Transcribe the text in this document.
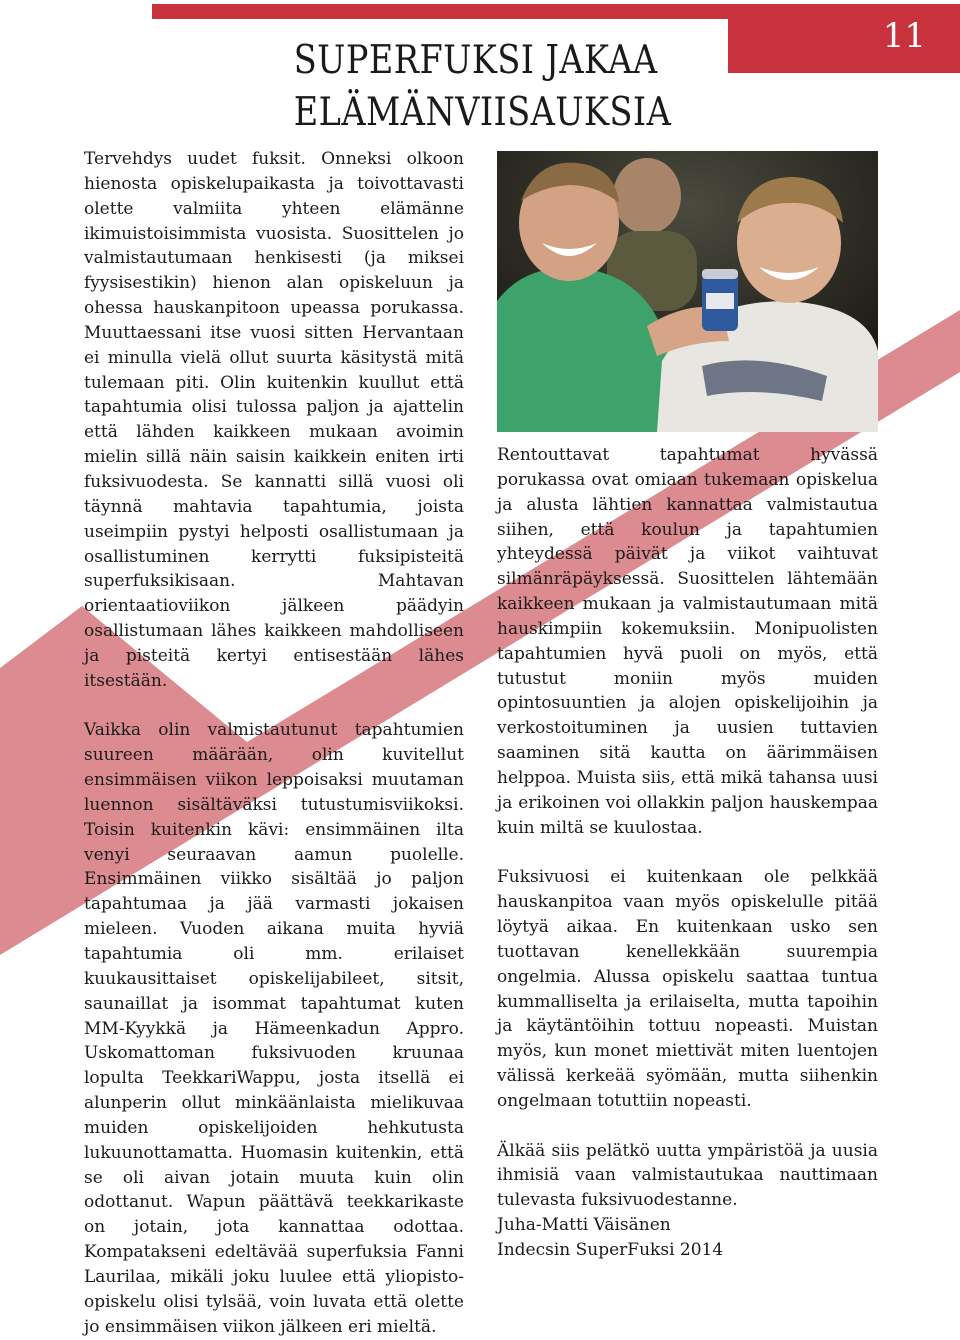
11
SUPERFUKSI JAKAA
ELÄMÄNVIISAUKSIA

Tervehdys uudet fuksit. Onneksi olkoon hienosta opiskelupaikasta ja toivottavasti olette valmiita yhteen elämänne ikimuistoisimmista vuosista. Suosittelen jo valmistautumaan henkisesti (ja miksei fyysisestikin) hienon alan opiskeluun ja ohessa hauskanpitoon upeassa porukassa. Muuttaessani itse vuosi sitten Hervantaan ei minulla vielä ollut suurta käsitystä mitä tulemaan piti. Olin kuitenkin kuullut että tapahtumia olisi tulossa paljon ja ajattelin että lähden kaikkeen mukaan avoimin mielin sillä näin saisin kaikkein eniten irti fuksivuodesta. Se kannatti sillä vuosi oli täynnä mahtavia tapahtumia, joista useimpiin pystyi helposti osallistumaan ja osallistuminen kerrytti fuksipisteitä superfuksikisaan. Mahtavan orientaatioviikon jälkeen päädyin osallistumaan lähes kaikkeen mahdolliseen ja pisteitä kertyi entisestään lähes itsestään.

Vaikka olin valmistautunut tapahtumien suureen määrään, olin kuvitellut ensimmäisen viikon leppoisaksi muutaman luennon sisältäväksi tutustumisviikoksi. Toisin kuitenkin kävi: ensimmäinen ilta venyi seuraavan aamun puolelle. Ensimmäinen viikko sisältää jo paljon tapahtumaa ja jää varmasti jokaisen mieleen. Vuoden aikana muita hyviä tapahtumia oli mm. erilaiset kuukausittaiset opiskelijabileet, sitsit, saunaillat ja isommat tapahtumat kuten MM-Kyykkä ja Hämeenkadun Appro. Uskomattoman fuksivuoden kruunaa lopulta TeekkariWappu, josta itsellä ei alunperin ollut minkäänlaista mielikuvaa muiden opiskelijoiden hehkutusta lukuunottamatta. Huomasin kuitenkin, että se oli aivan jotain muuta kuin olin odottanut. Wapun päättävä teekkarikaste on jotain, jota kannattaa odottaa. Kompatakseni edeltävää superfuksia Fanni Laurilaa, mikäli joku luulee että yliopisto-opiskelu olisi tylsää, voin luvata että olette jo ensimmäisen viikon jälkeen eri mieltä.

Rentouttavat tapahtumat hyvässä porukassa ovat omiaan tukemaan opiskelua ja alusta lähtien kannattaa valmistautua siihen, että koulun ja tapahtumien yhteydessä päivät ja viikot vaihtuvat silmänräpäyksessä. Suosittelen lähtemään kaikkeen mukaan ja valmistautumaan mitä hauskimpiin kokemuksiin. Monipuolisten tapahtumien hyvä puoli on myös, että tutustut moniin myös muiden opintosuuntien ja alojen opiskelijoihin ja verkostoituminen ja uusien tuttavien saaminen sitä kautta on äärimmäisen helppoa. Muista siis, että mikä tahansa uusi ja erikoinen voi ollakkin paljon hauskempaa kuin miltä se kuulostaa.

Fuksivuosi ei kuitenkaan ole pelkkää hauskanpitoa vaan myös opiskelulle pitää löytyä aikaa. En kuitenkaan usko sen tuottavan kenellekkään suurempia ongelmia. Alussa opiskelu saattaa tuntua kummalliselta ja erilaiselta, mutta tapoihin ja käytäntöihin tottuu nopeasti. Muistan myös, kun monet miettivät miten luentojen välissä kerkeää syömään, mutta siihenkin ongelmaan totuttiin nopeasti.

Älkää siis pelätkö uutta ympäristöä ja uusia ihmisiä vaan valmistautukaa nauttimaan tulevasta fuksivuodestanne.

Juha-Matti Väisänen

Indecsin SuperFuksi 2014
